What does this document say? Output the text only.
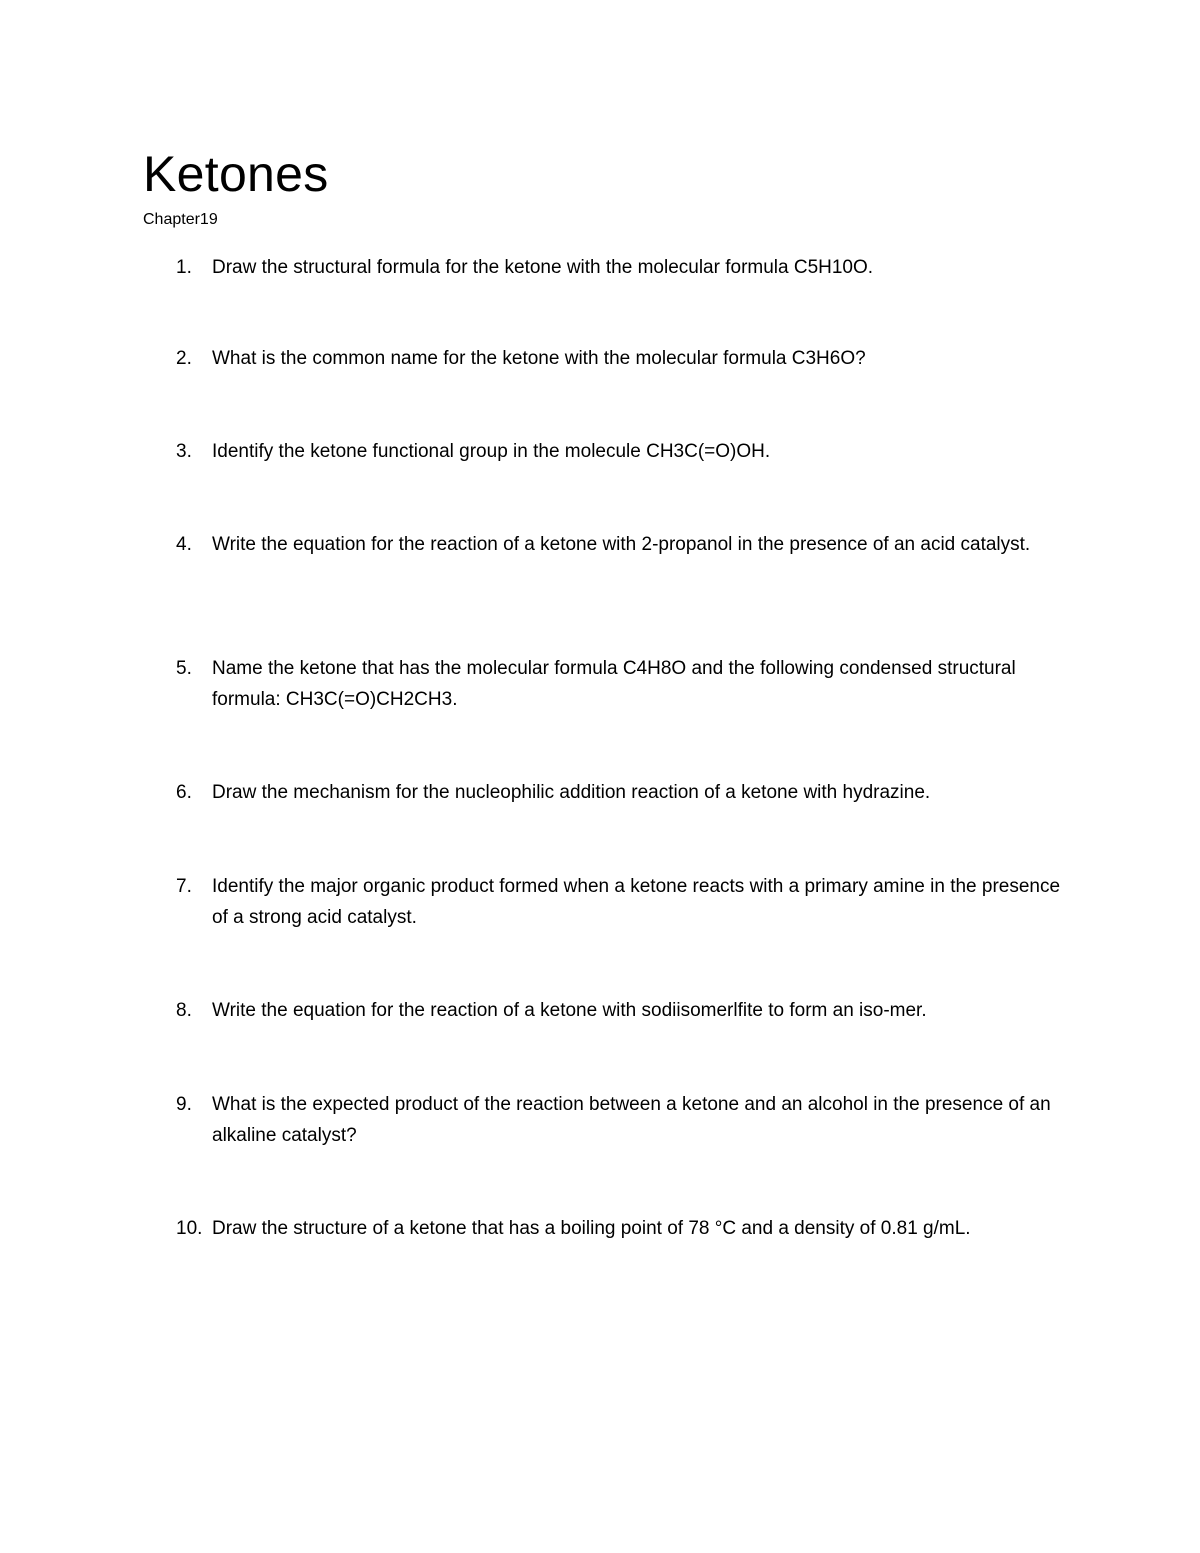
Ketones
Chapter19
1.	Draw the structural formula for the ketone with the molecular formula C5H10O.
2.	What is the common name for the ketone with the molecular formula C3H6O?
3.	Identify the ketone functional group in the molecule CH3C(=O)OH.
4.	Write the equation for the reaction of a ketone with 2-propanol in the presence of an acid catalyst.
5.	Name the ketone that has the molecular formula C4H8O and the following condensed structural formula: CH3C(=O)CH2CH3.
6.	Draw the mechanism for the nucleophilic addition reaction of a ketone with hydrazine.
7.	Identify the major organic product formed when a ketone reacts with a primary amine in the presence of a strong acid catalyst.
8.	Write the equation for the reaction of a ketone with sodiisomerlfite to form an iso-mer.
9.	What is the expected product of the reaction between a ketone and an alcohol in the presence of an alkaline catalyst?
10. Draw the structure of a ketone that has a boiling point of 78 °C and a density of 0.81 g/mL.
